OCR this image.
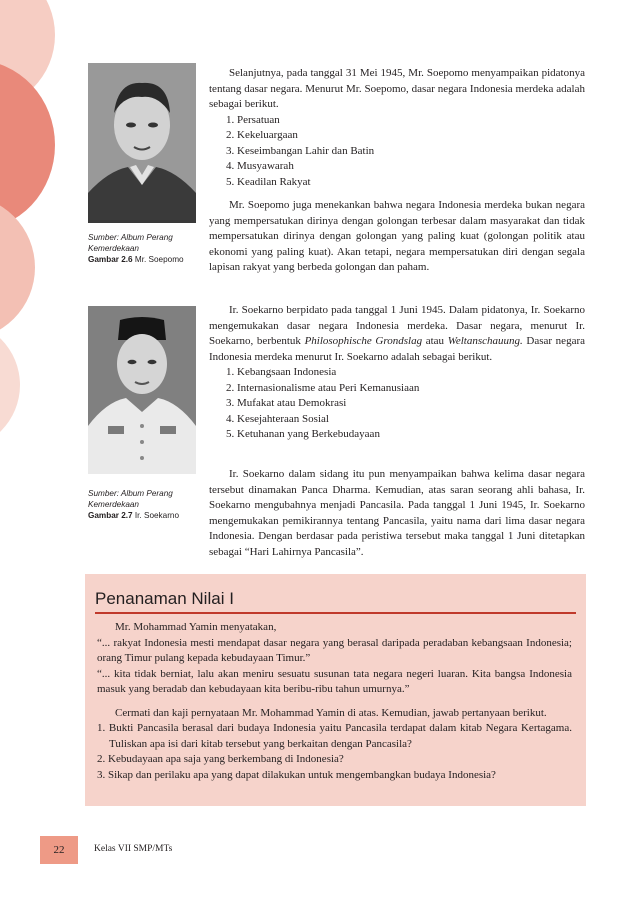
Sumber: Album Perang Kemerdekaan
Gambar 2.6 Mr. Soepomo
Sumber: Album Perang Kemerdekaan
Gambar 2.7 Ir. Soekarno

Selanjutnya, pada tanggal 31 Mei 1945, Mr. Soepomo menyampaikan pidatonya tentang dasar negara. Menurut Mr. Soepomo, dasar negara Indonesia merdeka adalah sebagai berikut.

1. Persatuan
2. Kekeluargaan
3. Keseimbangan Lahir dan Batin
4. Musyawarah
5. Keadilan Rakyat

Mr. Soepomo juga menekankan bahwa negara Indonesia merdeka bukan negara yang mempersatukan dirinya dengan golongan terbesar dalam masyarakat dan tidak mempersatukan dirinya dengan golongan yang paling kuat (golongan politik atau ekonomi yang paling kuat). Akan tetapi, negara mempersatukan diri dengan segala lapisan rakyat yang berbeda golongan dan paham.

Ir. Soekarno berpidato pada tanggal 1 Juni 1945. Dalam pidatonya, Ir. Soekarno mengemukakan dasar negara Indonesia merdeka. Dasar negara, menurut Ir. Soekarno, berbentuk Philosophische Grondslag atau Weltanschauung. Dasar negara Indonesia merdeka menurut Ir. Soekarno adalah sebagai berikut.

1. Kebangsaan Indonesia
2. Internasionalisme atau Peri Kemanusiaan
3. Mufakat atau Demokrasi
4. Kesejahteraan Sosial
5. Ketuhanan yang Berkebudayaan

Ir. Soekarno dalam sidang itu pun menyampaikan bahwa kelima dasar negara tersebut dinamakan Panca Dharma. Kemudian, atas saran seorang ahli bahasa, Ir. Soekarno mengubahnya menjadi Pancasila. Pada tanggal 1 Juni 1945, Ir. Soekarno mengemukakan pemikirannya tentang Pancasila, yaitu nama dari lima dasar negara Indonesia. Dengan berdasar pada peristiwa tersebut maka tanggal 1 Juni ditetapkan sebagai “Hari Lahirnya Pancasila”.

Penanaman Nilai I

Mr. Mohammad Yamin menyatakan,

“... rakyat Indonesia mesti mendapat dasar negara yang berasal daripada peradaban kebangsaan Indonesia; orang Timur pulang kepada kebudayaan Timur.”

“... kita tidak berniat, lalu akan meniru sesuatu susunan tata negara negeri luaran. Kita bangsa Indonesia masuk yang beradab dan kebudayaan kita beribu-ribu tahun umurnya.”

Cermati dan kaji pernyataan Mr. Mohammad Yamin di atas. Kemudian, jawab pertanyaan berikut.

1. Bukti Pancasila berasal dari budaya Indonesia yaitu Pancasila terdapat dalam kitab Negara Kertagama. Tuliskan apa isi dari kitab tersebut yang berkaitan dengan Pancasila?
2. Kebudayaan apa saja yang berkembang di Indonesia?
3. Sikap dan perilaku apa yang dapat dilakukan untuk mengembangkan budaya Indonesia?
22	Kelas VII SMP/MTs
